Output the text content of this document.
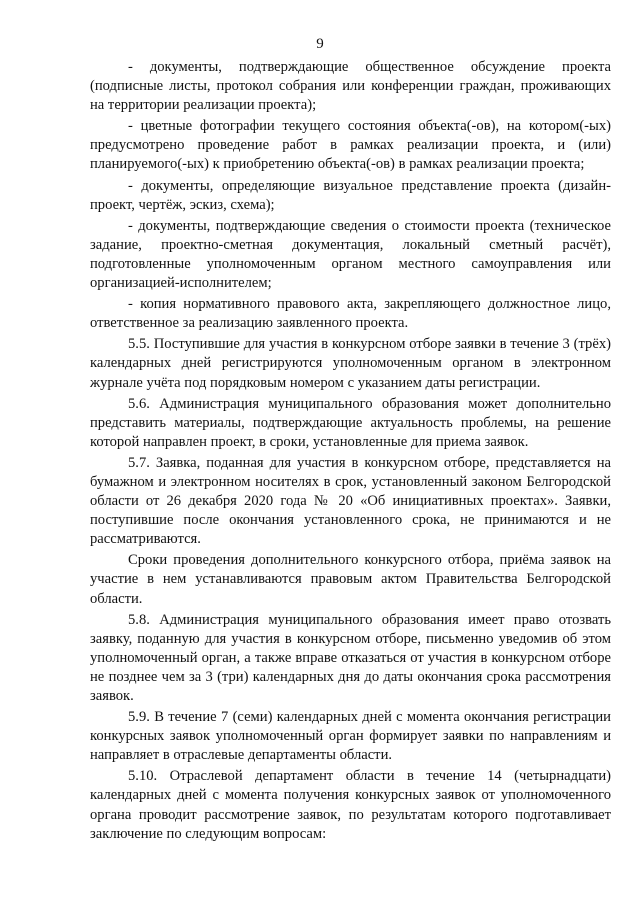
9

- документы, подтверждающие общественное обсуждение проекта (подписные листы, протокол собрания или конференции граждан, проживающих на территории реализации проекта);

- цветные фотографии текущего состояния объекта(-ов), на котором(-ых) предусмотрено проведение работ в рамках реализации проекта, и (или) планируемого(-ых) к приобретению объекта(-ов) в рамках реализации проекта;

- документы, определяющие визуальное представление проекта (дизайн-проект, чертёж, эскиз, схема);

- документы, подтверждающие сведения о стоимости проекта (техническое задание, проектно-сметная документация, локальный сметный расчёт), подготовленные уполномоченным органом местного самоуправления или организацией-исполнителем;

- копия нормативного правового акта, закрепляющего должностное лицо, ответственное за реализацию заявленного проекта.

5.5. Поступившие для участия в конкурсном отборе заявки в течение 3 (трёх) календарных дней регистрируются уполномоченным органом в электронном журнале учёта под порядковым номером с указанием даты регистрации.

5.6. Администрация муниципального образования может дополнительно представить материалы, подтверждающие актуальность проблемы, на решение которой направлен проект, в сроки, установленные для приема заявок.

5.7. Заявка, поданная для участия в конкурсном отборе, представляется на бумажном и электронном носителях в срок, установленный законом Белгородской области от 26 декабря 2020 года № 20 «Об инициативных проектах». Заявки, поступившие после окончания установленного срока, не принимаются и не рассматриваются.

Сроки проведения дополнительного конкурсного отбора, приёма заявок на участие в нем устанавливаются правовым актом Правительства Белгородской области.

5.8. Администрация муниципального образования имеет право отозвать заявку, поданную для участия в конкурсном отборе, письменно уведомив об этом уполномоченный орган, а также вправе отказаться от участия в конкурсном отборе не позднее чем за 3 (три) календарных дня до даты окончания срока рассмотрения заявок.

5.9. В течение 7 (семи) календарных дней с момента окончания регистрации конкурсных заявок уполномоченный орган формирует заявки по направлениям и направляет в отраслевые департаменты области.

5.10. Отраслевой департамент области в течение 14 (четырнадцати) календарных дней с момента получения конкурсных заявок от уполномоченного органа проводит рассмотрение заявок, по результатам которого подготавливает заключение по следующим вопросам:
